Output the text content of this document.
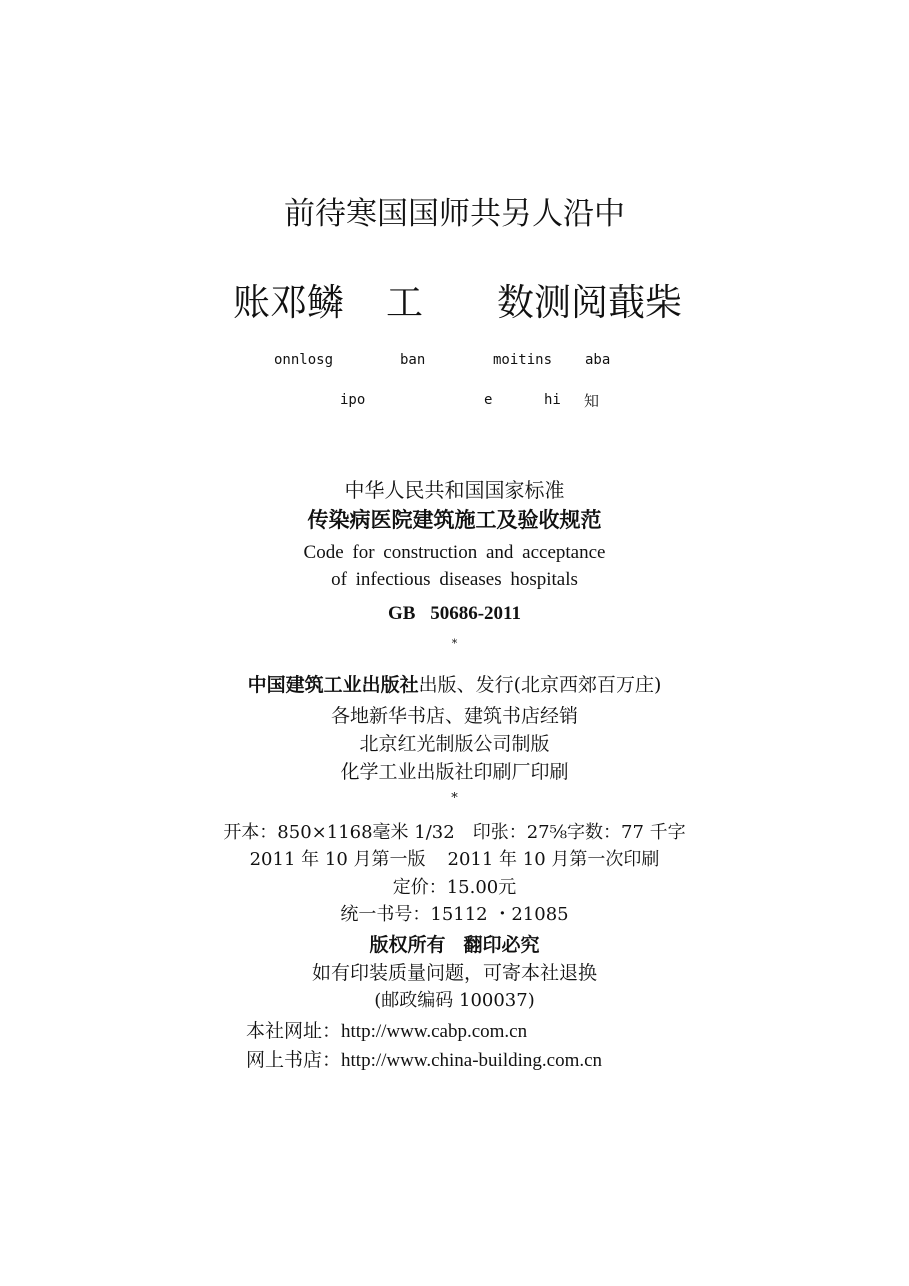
前待寒国国师共另人沿中
账邓鳞 工 数测阅蕺柴
onnlosg	ban	moitins aba
ipo	e	hi 知
中华人民共和国国家标准
传染病医院建筑施工及验收规范
Code for construction and acceptance
of infectious diseases hospitals
GB 50686-2011
*
中国建筑工业出版社出版、发行(北京西郊百万庄)
各地新华书店、建筑书店经销
北京红光制版公司制版
化学工业出版社印刷厂印刷
*
开本：850×1168毫米 1/32　印张：27⅝字数：77 千字
2011 年 10 月第一版 2011 年 10 月第一次印刷
定价：15.00元
统一书号：15112 ・21085
版权所有 翻印必究
如有印装质量问题，可寄本社退换
(邮政编码 100037)
本社网址：http://www.cabp.com.cn
网上书店：http://www.china-building.com.cn
